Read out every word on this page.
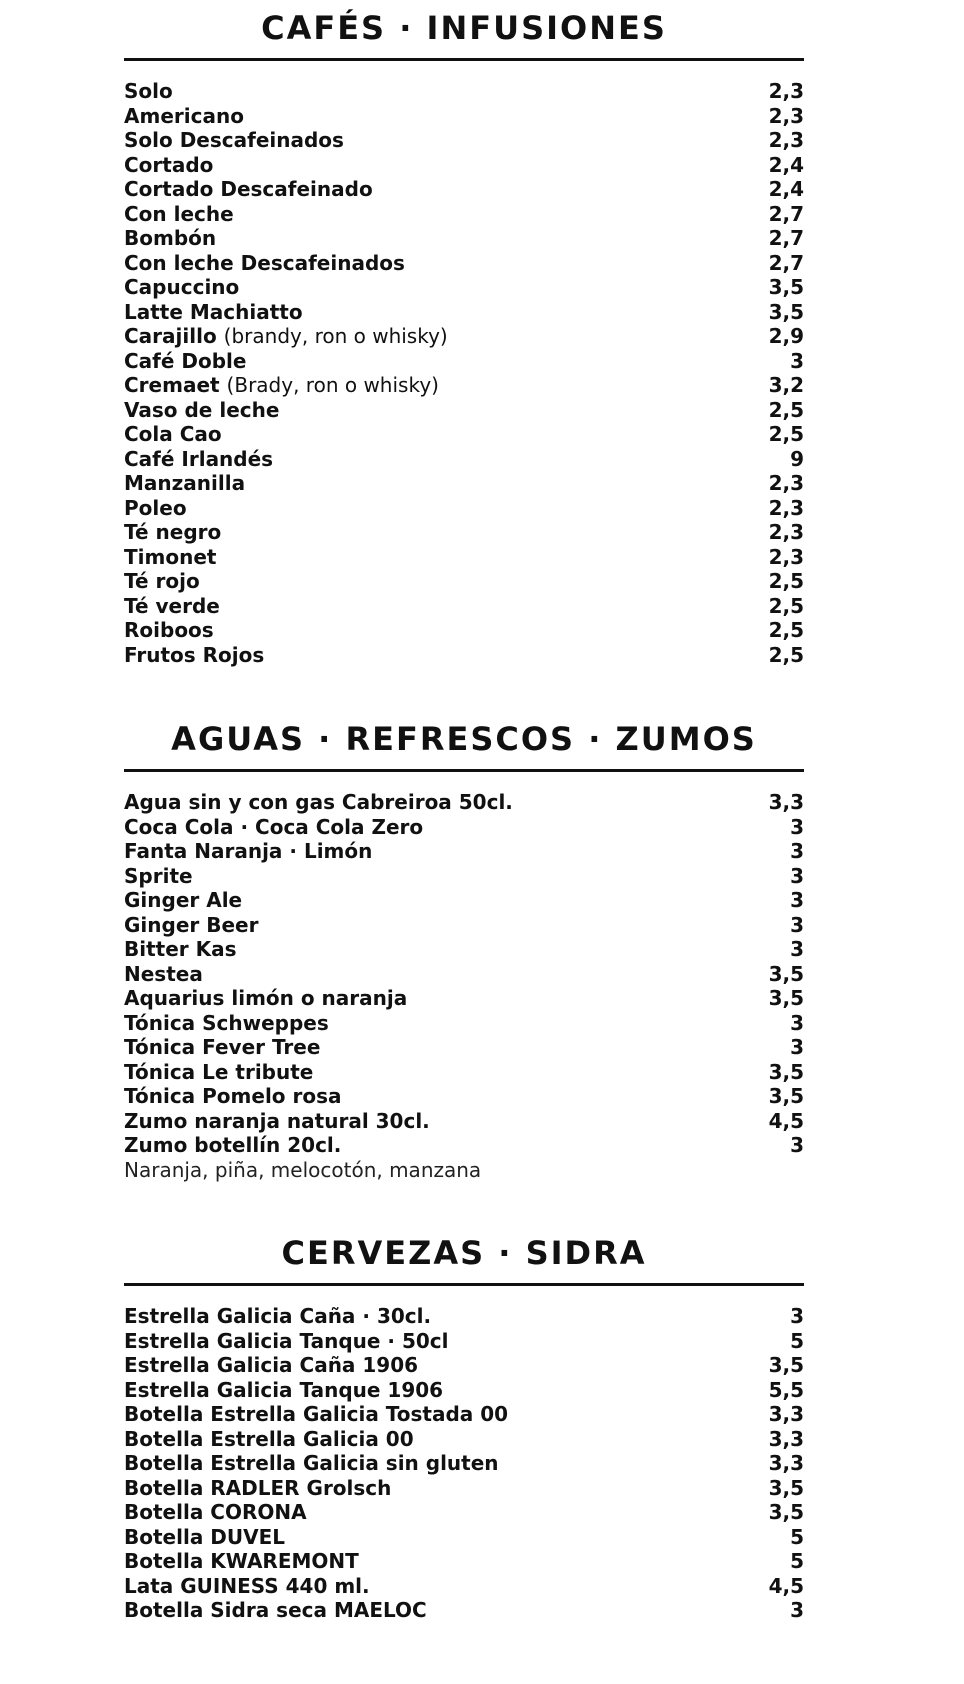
CAFÉS · INFUSIONES
Solo	2,3
Americano	2,3
Solo Descafeinados	2,3
Cortado	2,4
Cortado Descafeinado	2,4
Con leche	2,7
Bombón	2,7
Con leche Descafeinados	2,7
Capuccino	3,5
Latte Machiatto	3,5
Carajillo (brandy, ron o whisky)	2,9
Café Doble	3
Cremaet (Brady, ron o whisky)	3,2
Vaso de leche	2,5
Cola Cao	2,5
Café Irlandés	9
Manzanilla	2,3
Poleo	2,3
Té negro	2,3
Timonet	2,3
Té rojo	2,5
Té verde	2,5
Roiboos	2,5
Frutos Rojos	2,5
AGUAS · REFRESCOS · ZUMOS
Agua sin y con gas Cabreiroa 50cl.	3,3
Coca Cola · Coca Cola Zero	3
Fanta Naranja · Limón	3
Sprite	3
Ginger Ale	3
Ginger Beer	3
Bitter Kas	3
Nestea	3,5
Aquarius limón o naranja	3,5
Tónica Schweppes	3
Tónica Fever Tree	3
Tónica Le tribute	3,5
Tónica Pomelo rosa	3,5
Zumo naranja natural 30cl.	4,5
Zumo botellín 20cl.	3
Naranja, piña, melocotón, manzana
CERVEZAS · SIDRA
Estrella Galicia Caña · 30cl.	3
Estrella Galicia Tanque · 50cl	5
Estrella Galicia Caña 1906	3,5
Estrella Galicia Tanque 1906	5,5
Botella Estrella Galicia Tostada 00	3,3
Botella Estrella Galicia 00	3,3
Botella Estrella Galicia sin gluten	3,3
Botella RADLER Grolsch	3,5
Botella CORONA	3,5
Botella DUVEL	5
Botella KWAREMONT	5
Lata GUINESS 440 ml.	4,5
Botella Sidra seca MAELOC	3
